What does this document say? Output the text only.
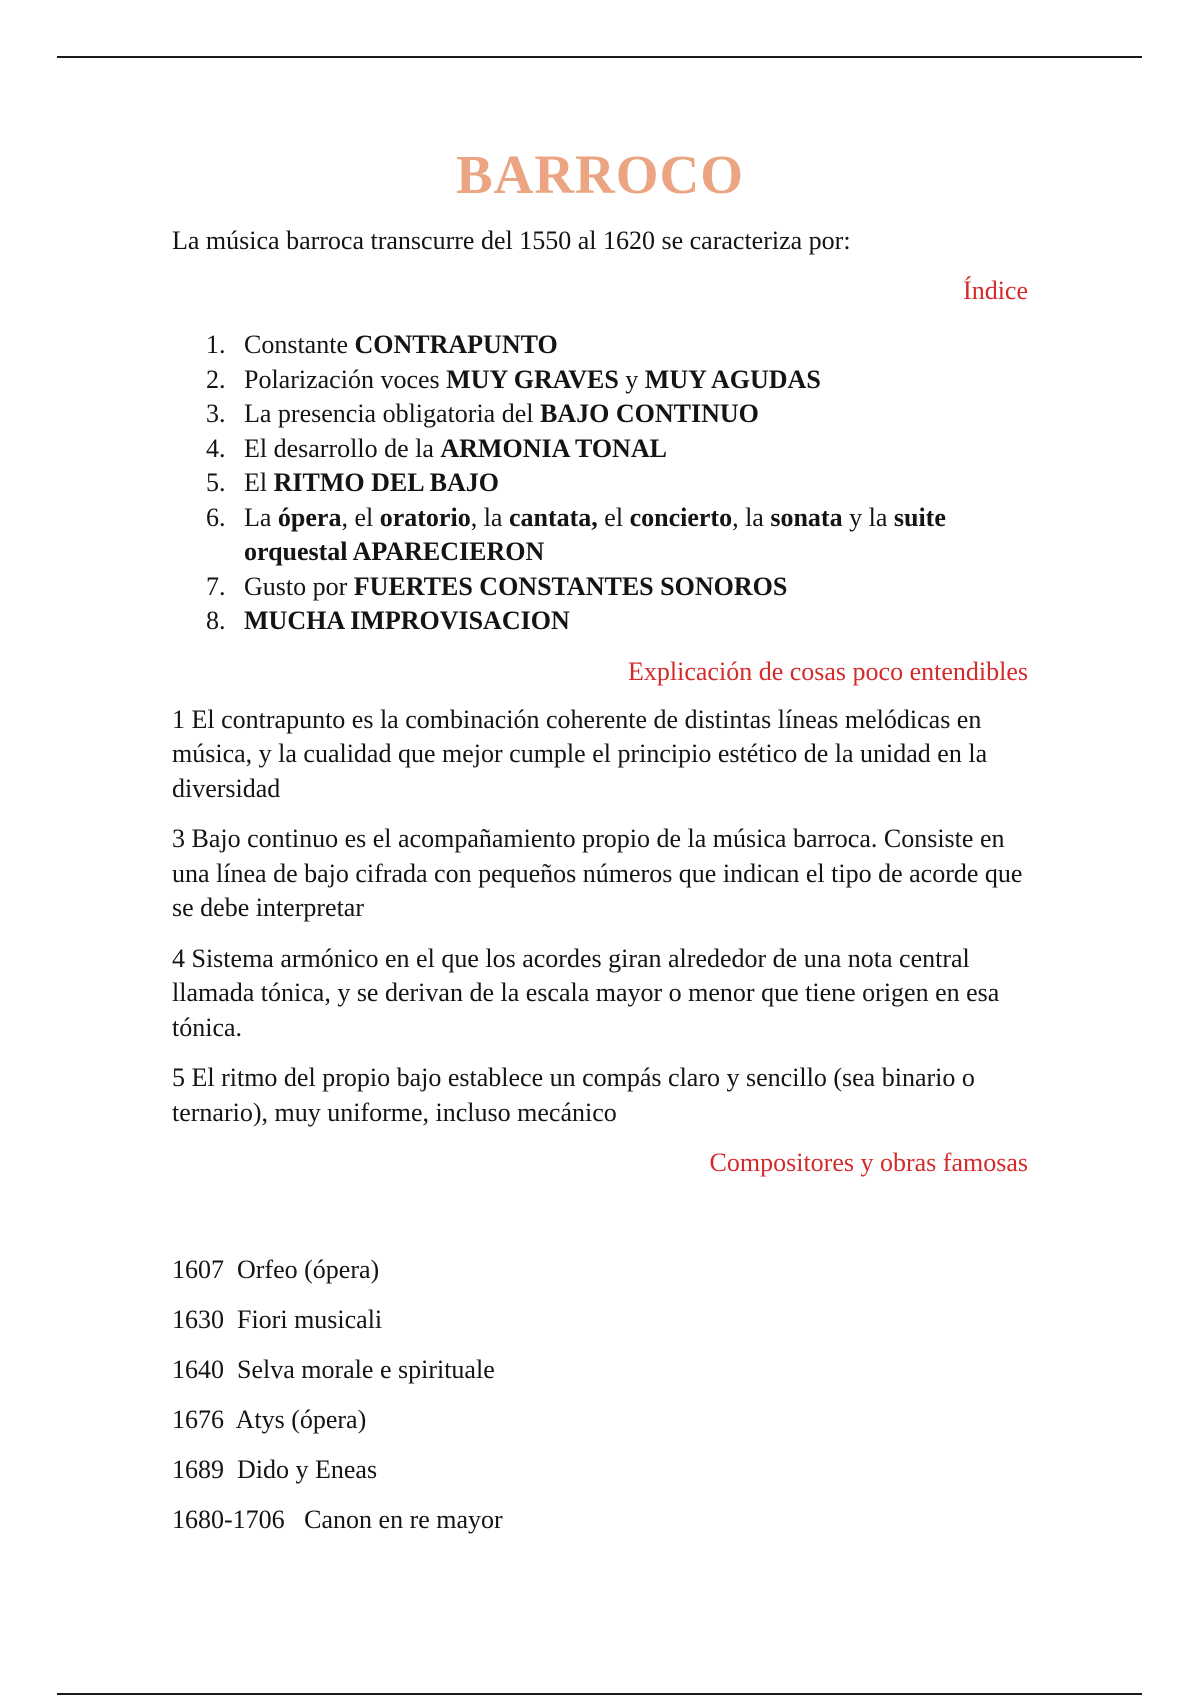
BARROCO

La música barroca transcurre del 1550 al 1620 se caracteriza por:

Índice

1. Constante CONTRAPUNTO
2. Polarización voces MUY GRAVES y MUY AGUDAS
3. La presencia obligatoria del BAJO CONTINUO
4. El desarrollo de la ARMONIA TONAL
5. El RITMO DEL BAJO
6. La ópera, el oratorio, la cantata, el concierto, la sonata y la suite orquestal APARECIERON
7. Gusto por FUERTES CONSTANTES SONOROS
8. MUCHA IMPROVISACION

Explicación de cosas poco entendibles

1 El contrapunto es la combinación coherente de distintas líneas melódicas en música, y la cualidad que mejor cumple el principio estético de la unidad en la diversidad

3 Bajo continuo es el acompañamiento propio de la música barroca. Consiste en una línea de bajo cifrada con pequeños números que indican el tipo de acorde que se debe interpretar

4 Sistema armónico en el que los acordes giran alrededor de una nota central llamada tónica, y se derivan de la escala mayor o menor que tiene origen en esa tónica.

5 El ritmo del propio bajo establece un compás claro y sencillo (sea binario o ternario), muy uniforme, incluso mecánico

Compositores y obras famosas

1607 Orfeo (ópera)
1630 Fiori musicali
1640 Selva morale e spirituale
1676 Atys (ópera)
1689 Dido y Eneas
1680-1706 Canon en re mayor
